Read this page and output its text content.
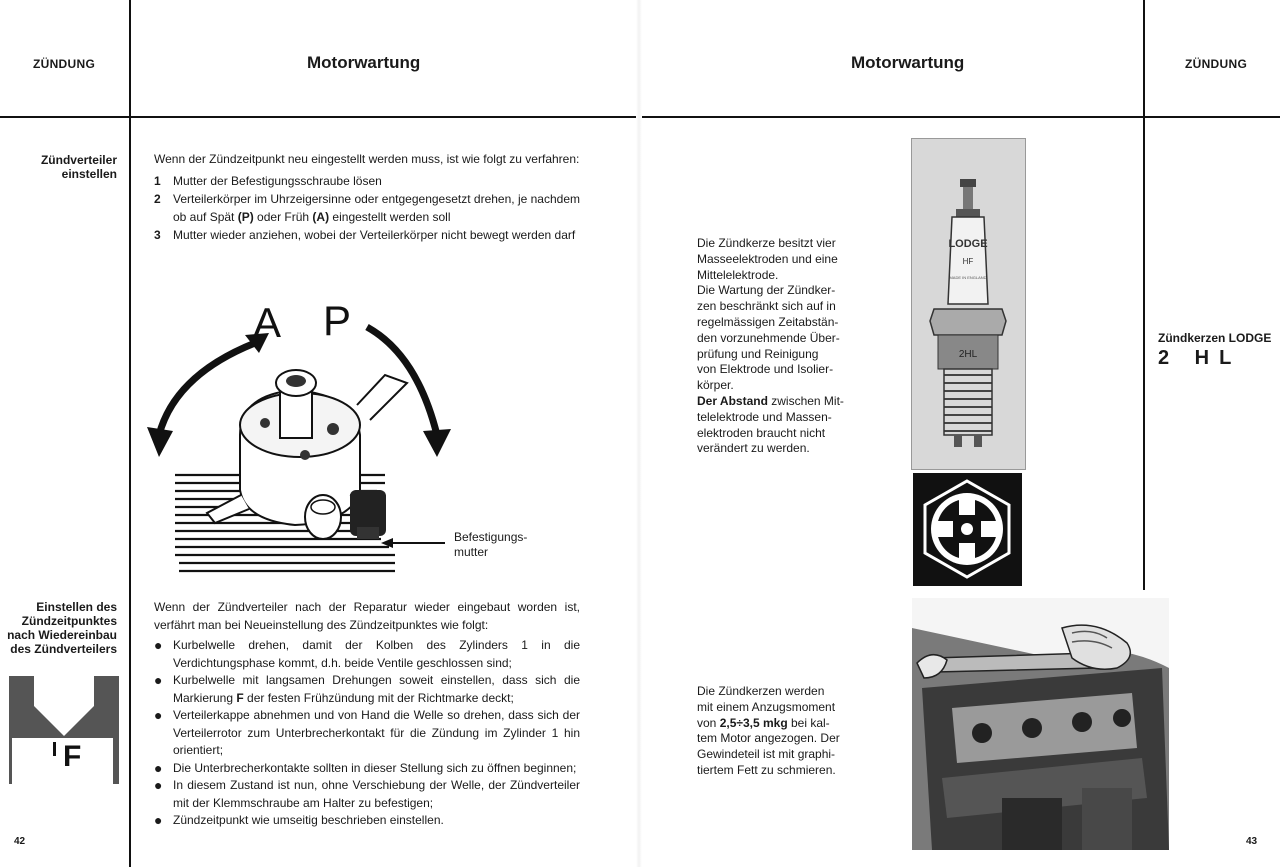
ZÜNDUNG	Motorwartung
Zündverteiler
einstellen
Wenn der Zündzeitpunkt neu eingestellt werden muss, ist wie folgt zu verfahren:
1	Mutter der Befestigungsschraube lösen
2	Verteilerkörper im Uhrzeigersinne oder entgegengesetzt drehen, je nachdem ob auf Spät (P) oder Früh (A) eingestellt werden soll
3	Mutter wieder anziehen, wobei der Verteilerkörper nicht bewegt werden darf
A P
Befestigungs-
mutter
Einstellen des
Zündzeitpunktes
nach Wiedereinbau
des Zündverteilers
F
Wenn der Zündverteiler nach der Reparatur wieder eingebaut worden ist, verfährt man bei Neueinstellung des Zündzeitpunktes wie folgt:
● Kurbelwelle drehen, damit der Kolben des Zylinders 1 in die Verdichtungsphase kommt, d.h. beide Ventile geschlossen sind;
● Kurbelwelle mit langsamen Drehungen soweit einstellen, dass sich die Markierung F der festen Frühzündung mit der Richtmarke deckt;
● Verteilerkappe abnehmen und von Hand die Welle so drehen, dass sich der Verteilerrotor zum Unterbrecherkontakt für die Zündung im Zylinder 1 hin orientiert;
● Die Unterbrecherkontakte sollten in dieser Stellung sich zu öffnen beginnen;
● In diesem Zustand ist nun, ohne Verschiebung der Welle, der Zündverteiler mit der Klemmschraube am Halter zu befestigen;
● Zündzeitpunkt wie umseitig beschrieben einstellen.
42
Motorwartung	ZÜNDUNG
LODGE
HF
MADE IN ENGLAND
2HL
Die Zündkerze besitzt vier
Masseelektroden und eine
Mittelelektrode.
Die Wartung der Zündker-
zen beschränkt sich auf in
regelmässigen Zeitabstän-
den vorzunehmende Über-
prüfung und Reinigung
von Elektrode und Isolier-
körper.
Der Abstand zwischen Mit-
telelektrode und Massen-
elektroden braucht nicht
verändert zu werden.
Zündkerzen LODGE
2 HL
Die Zündkerzen werden
mit einem Anzugsmoment
von 2,5÷3,5 mkg bei kal-
tem Motor angezogen. Der
Gewindeteil ist mit graphi-
tiertem Fett zu schmieren.
43
